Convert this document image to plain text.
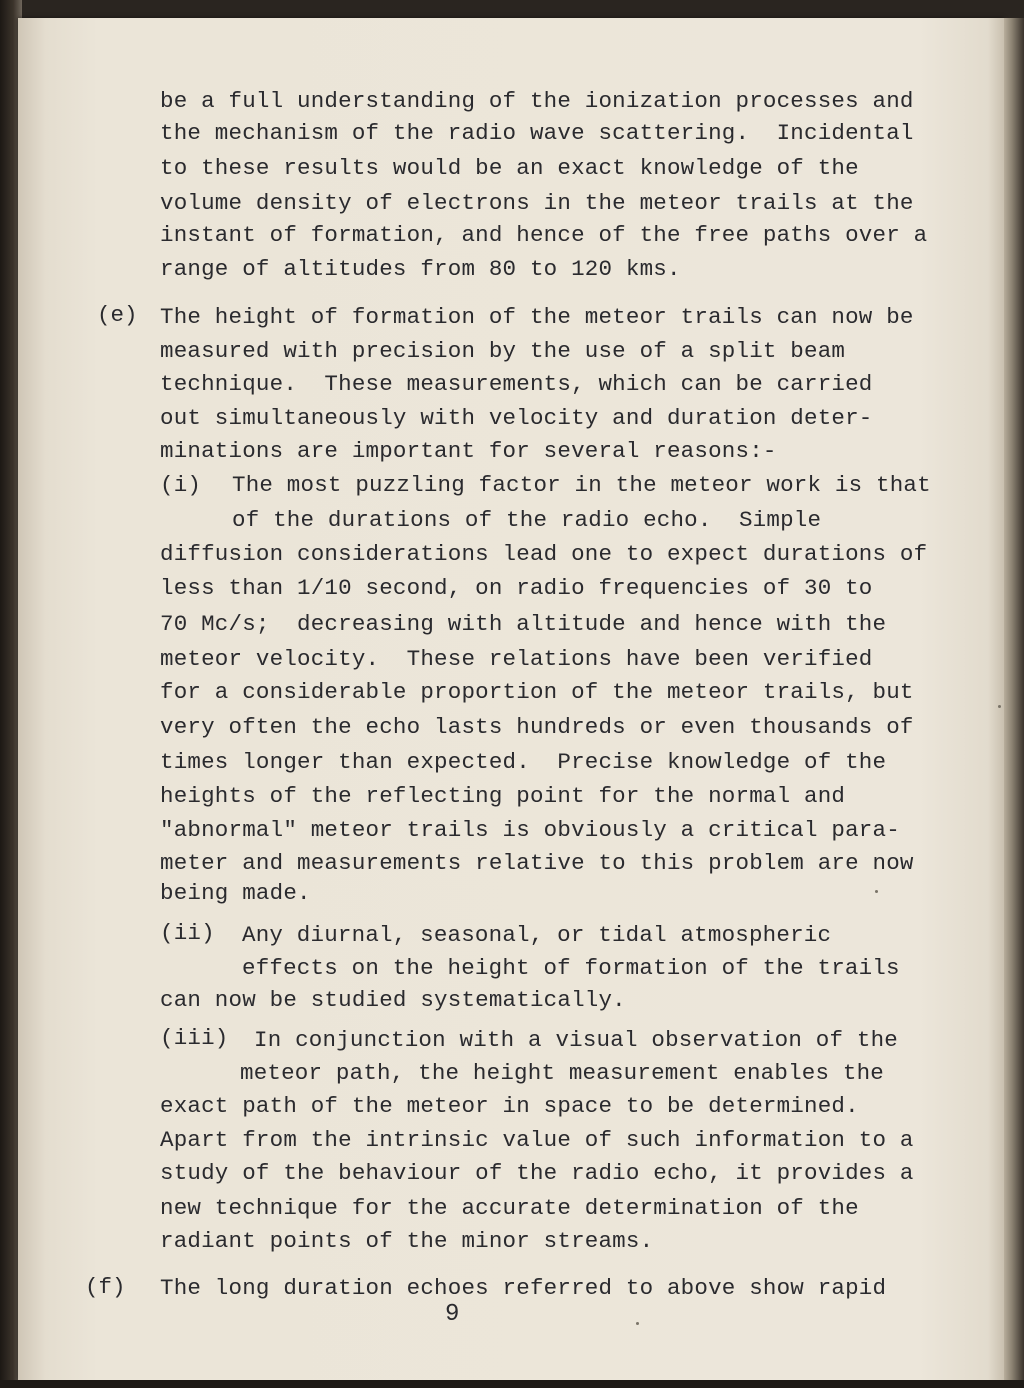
be a full understanding of the ionization processes and
the mechanism of the radio wave scattering.  Incidental
to these results would be an exact knowledge of the
volume density of electrons in the meteor trails at the
instant of formation, and hence of the free paths over a
range of altitudes from 80 to 120 kms.
(e) The height of formation of the meteor trails can now be
measured with precision by the use of a split beam
technique.  These measurements, which can be carried
out simultaneously with velocity and duration deter-
minations are important for several reasons:-
(i) The most puzzling factor in the meteor work is that
of the durations of the radio echo.  Simple
diffusion considerations lead one to expect durations of
less than 1/10 second, on radio frequencies of 30 to
70 Mc/s;  decreasing with altitude and hence with the
meteor velocity.  These relations have been verified
for a considerable proportion of the meteor trails, but
very often the echo lasts hundreds or even thousands of
times longer than expected.  Precise knowledge of the
heights of the reflecting point for the normal and
"abnormal" meteor trails is obviously a critical para-
meter and measurements relative to this problem are now
being made.
(ii) Any diurnal, seasonal, or tidal atmospheric
effects on the height of formation of the trails
can now be studied systematically.
(iii) In conjunction with a visual observation of the
meteor path, the height measurement enables the
exact path of the meteor in space to be determined.
Apart from the intrinsic value of such information to a
study of the behaviour of the radio echo, it provides a
new technique for the accurate determination of the
radiant points of the minor streams.
(f) The long duration echoes referred to above show rapid
9
